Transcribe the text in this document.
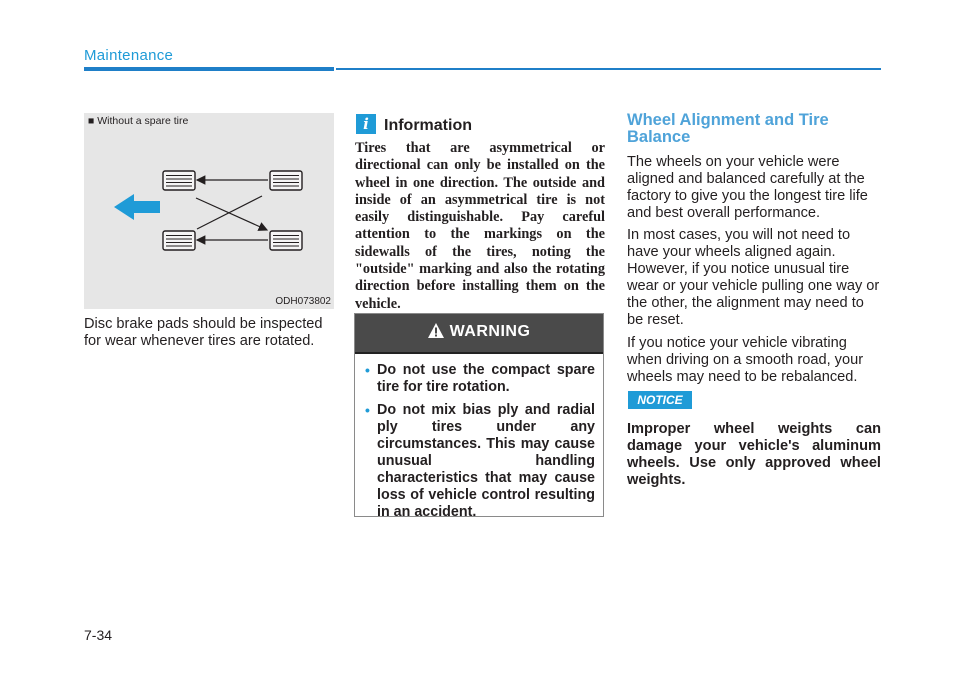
Maintenance
■ Without a spare tire
ODH073802
Disc brake pads should be inspected for wear whenever tires are rotated.
i Information
Tires that are asymmetrical or directional can only be installed on the wheel in one direction. The outside and inside of an asymmetrical tire is not easily distinguishable. Pay careful attention to the markings on the sidewalls of the tires, noting the "outside" marking and also the rotating direction before installing them on the vehicle.
WARNING
• Do not use the compact spare tire for tire rotation.
• Do not mix bias ply and radial ply tires under any circumstances. This may cause unusual handling characteristics that may cause loss of vehicle control resulting in an accident.
Wheel Alignment and Tire Balance
The wheels on your vehicle were aligned and balanced carefully at the factory to give you the longest tire life and best overall performance.
In most cases, you will not need to have your wheels aligned again. However, if you notice unusual tire wear or your vehicle pulling one way or the other, the alignment may need to be reset.
If you notice your vehicle vibrating when driving on a smooth road, your wheels may need to be rebalanced.
NOTICE
Improper wheel weights can damage your vehicle's aluminum wheels. Use only approved wheel weights.
7-34
